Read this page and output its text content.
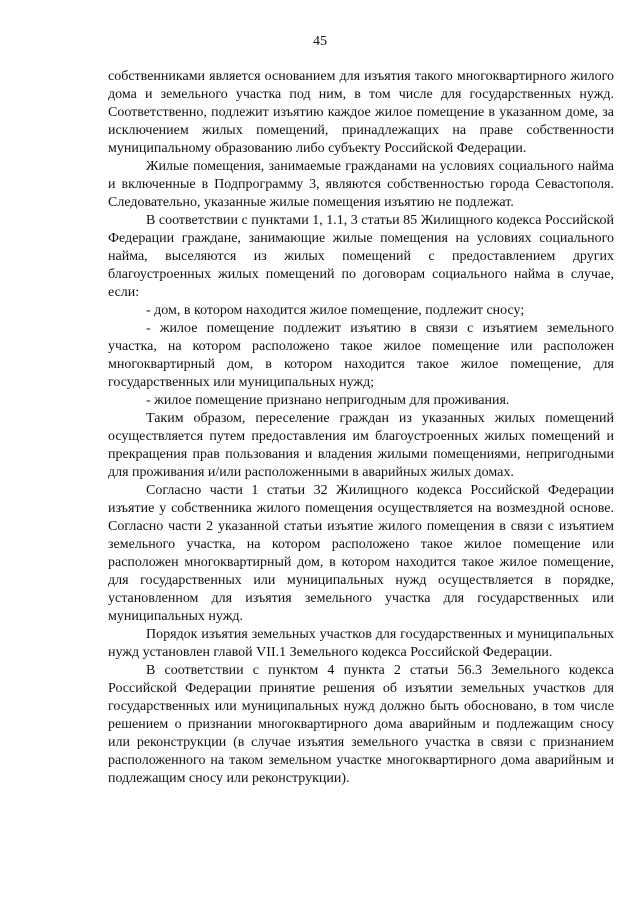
45

собственниками является основанием для изъятия такого многоквартирного жилого дома и земельного участка под ним, в том числе для государственных нужд. Соответственно, подлежит изъятию каждое жилое помещение в указанном доме, за исключением жилых помещений, принадлежащих на праве собственности муниципальному образованию либо субъекту Российской Федерации.

Жилые помещения, занимаемые гражданами на условиях социального найма и включенные в Подпрограмму 3, являются собственностью города Севастополя. Следовательно, указанные жилые помещения изъятию не подлежат.

В соответствии с пунктами 1, 1.1, 3 статьи 85 Жилищного кодекса Российской Федерации граждане, занимающие жилые помещения на условиях социального найма, выселяются из жилых помещений с предоставлением других благоустроенных жилых помещений по договорам социального найма в случае, если:

- дом, в котором находится жилое помещение, подлежит сносу;

- жилое помещение подлежит изъятию в связи с изъятием земельного участка, на котором расположено такое жилое помещение или расположен многоквартирный дом, в котором находится такое жилое помещение, для государственных или муниципальных нужд;

- жилое помещение признано непригодным для проживания.

Таким образом, переселение граждан из указанных жилых помещений осуществляется путем предоставления им благоустроенных жилых помещений и прекращения прав пользования и владения жилыми помещениями, непригодными для проживания и/или расположенными в аварийных жилых домах.

Согласно части 1 статьи 32 Жилищного кодекса Российской Федерации изъятие у собственника жилого помещения осуществляется на возмездной основе. Согласно части 2 указанной статьи изъятие жилого помещения в связи с изъятием земельного участка, на котором расположено такое жилое помещение или расположен многоквартирный дом, в котором находится такое жилое помещение, для государственных или муниципальных нужд осуществляется в порядке, установленном для изъятия земельного участка для государственных или муниципальных нужд.

Порядок изъятия земельных участков для государственных и муниципальных нужд установлен главой VII.1 Земельного кодекса Российской Федерации.

В соответствии с пунктом 4 пункта 2 статьи 56.3 Земельного кодекса Российской Федерации принятие решения об изъятии земельных участков для государственных или муниципальных нужд должно быть обосновано, в том числе решением о признании многоквартирного дома аварийным и подлежащим сносу или реконструкции (в случае изъятия земельного участка в связи с признанием расположенного на таком земельном участке многоквартирного дома аварийным и подлежащим сносу или реконструкции).
